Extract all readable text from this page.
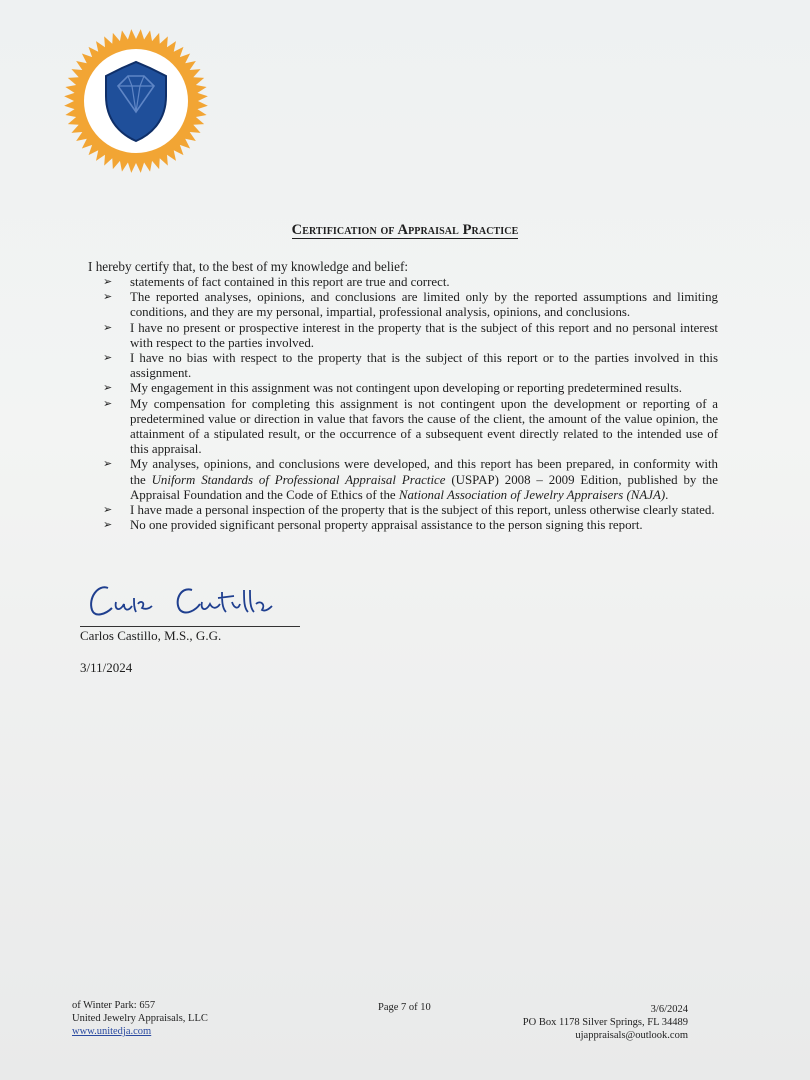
Certification of Appraisal Practice
I hereby certify that, to the best of my knowledge and belief:
➢	statements of fact contained in this report are true and correct.
➢	The reported analyses, opinions, and conclusions are limited only by the reported assumptions and limiting conditions, and they are my personal, impartial, professional analysis, opinions, and conclusions.
➢	I have no present or prospective interest in the property that is the subject of this report and no personal interest with respect to the parties involved.
➢	I have no bias with respect to the property that is the subject of this report or to the parties involved in this assignment.
➢	My engagement in this assignment was not contingent upon developing or reporting predetermined results.
➢	My compensation for completing this assignment is not contingent upon the development or reporting of a predetermined value or direction in value that favors the cause of the client, the amount of the value opinion, the attainment of a stipulated result, or the occurrence of a subsequent event directly related to the intended use of this appraisal.
➢	My analyses, opinions, and conclusions were developed, and this report has been prepared, in conformity with the Uniform Standards of Professional Appraisal Practice (USPAP) 2008 – 2009 Edition, published by the Appraisal Foundation and the Code of Ethics of the National Association of Jewelry Appraisers (NAJA).
➢	I have made a personal inspection of the property that is the subject of this report, unless otherwise clearly stated.
➢	No one provided significant personal property appraisal assistance to the person signing this report.
Carlos Castillo, M.S., G.G.
3/11/2024
of Winter Park: 657
United Jewelry Appraisals, LLC
www.unitedja.com
Page 7 of 10	3/6/2024
PO Box 1178 Silver Springs, FL 34489
ujappraisals@outlook.com
